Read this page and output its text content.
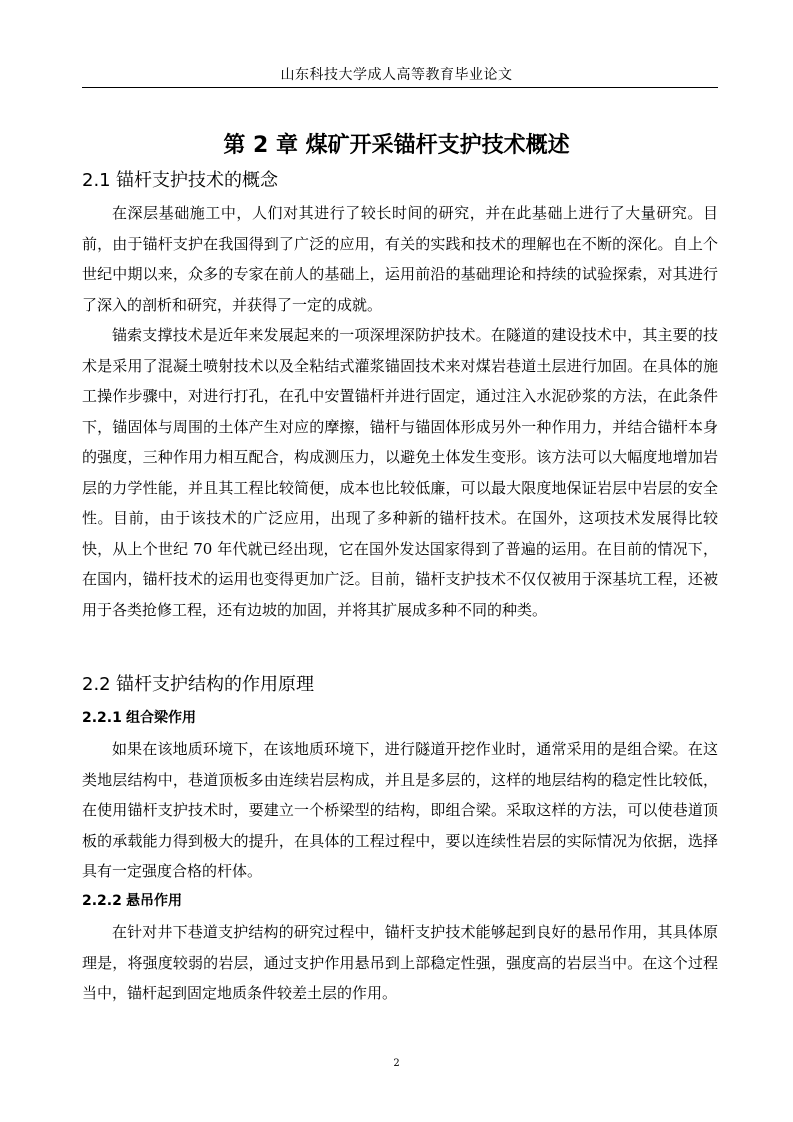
山东科技大学成人高等教育毕业论文
第 2 章 煤矿开采锚杆支护技术概述
2.1 锚杆支护技术的概念

在深层基础施工中，人们对其进行了较长时间的研究，并在此基础上进行了大量研究。目前，由于锚杆支护在我国得到了广泛的应用，有关的实践和技术的理解也在不断的深化。自上个世纪中期以来，众多的专家在前人的基础上，运用前沿的基础理论和持续的试验探索，对其进行了深入的剖析和研究，并获得了一定的成就。

锚索支撑技术是近年来发展起来的一项深埋深防护技术。在隧道的建设技术中，其主要的技术是采用了混凝土喷射技术以及全粘结式灌浆锚固技术来对煤岩巷道土层进行加固。在具体的施工操作步骤中，对进行打孔，在孔中安置锚杆并进行固定，通过注入水泥砂浆的方法，在此条件下，锚固体与周围的土体产生对应的摩擦，锚杆与锚固体形成另外一种作用力，并结合锚杆本身的强度，三种作用力相互配合，构成测压力，以避免土体发生变形。该方法可以大幅度地增加岩层的力学性能，并且其工程比较简便，成本也比较低廉，可以最大限度地保证岩层中岩层的安全性。目前，由于该技术的广泛应用，出现了多种新的锚杆技术。在国外，这项技术发展得比较快，从上个世纪 70 年代就已经出现，它在国外发达国家得到了普遍的运用。在目前的情况下，在国内，锚杆技术的运用也变得更加广泛。目前，锚杆支护技术不仅仅被用于深基坑工程，还被用于各类抢修工程，还有边坡的加固，并将其扩展成多种不同的种类。

2.2 锚杆支护结构的作用原理
2.2.1 组合梁作用

如果在该地质环境下，在该地质环境下，进行隧道开挖作业时，通常采用的是组合梁。在这类地层结构中，巷道顶板多由连续岩层构成，并且是多层的，这样的地层结构的稳定性比较低，在使用锚杆支护技术时，要建立一个桥梁型的结构，即组合梁。采取这样的方法，可以使巷道顶板的承载能力得到极大的提升，在具体的工程过程中，要以连续性岩层的实际情况为依据，选择具有一定强度合格的杆体。

2.2.2 悬吊作用

在针对井下巷道支护结构的研究过程中，锚杆支护技术能够起到良好的悬吊作用，其具体原理是，将强度较弱的岩层，通过支护作用悬吊到上部稳定性强，强度高的岩层当中。在这个过程当中，锚杆起到固定地质条件较差土层的作用。

2
